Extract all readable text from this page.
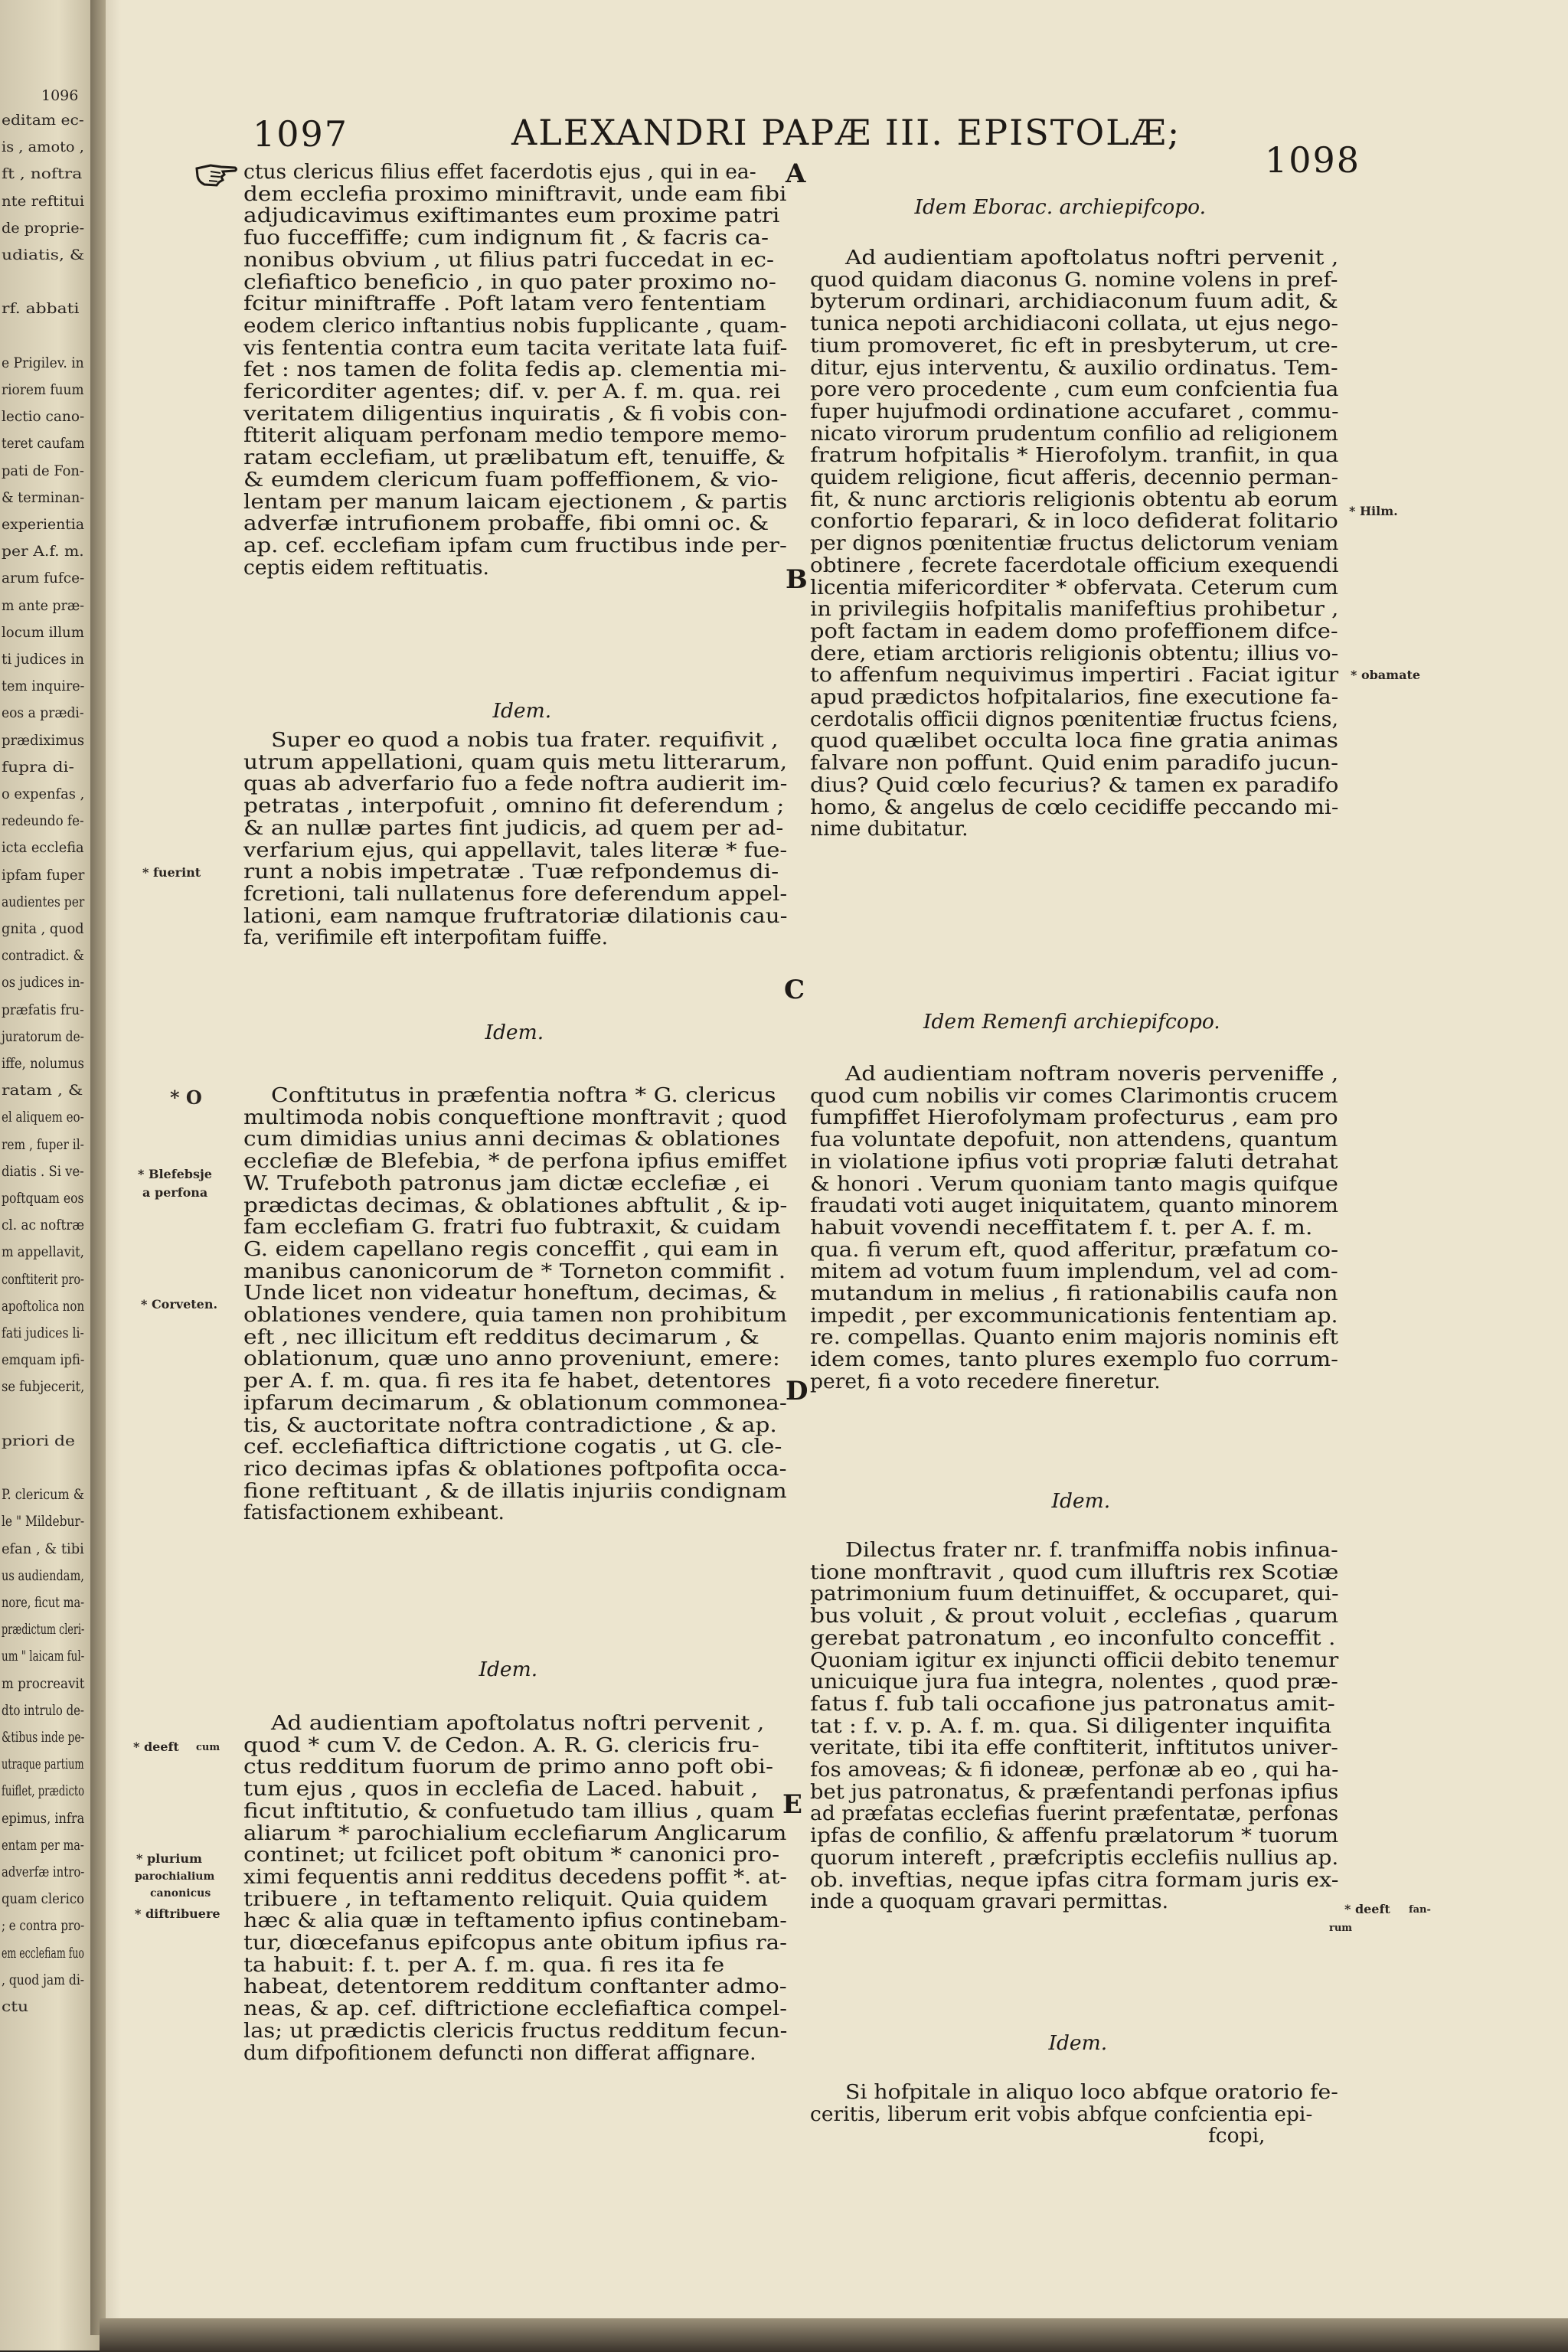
1097	ALEXANDRI PAPÆ III. EPISTOLÆ;
1098
1096
editam ec-
is , amoto ,
ft , noftra
nte reftitui
de proprie-
udiatis, &
rf. abbati
e Prigilev. in
riorem fuum
lectio cano-
teret caufam
pati de Fon-
& terminan-
experientia
per A.f. m.
arum fufce-
m ante præ-
locum illum
ti judices in
tem inquire-
eos a prædi-
prædiximus
fupra di-
o expenfas ,
redeundo fe-
icta ecclefia
ipfam fuper
audientes per
gnita , quod
contradict. &
os judices in-
præfatis fru-
juratorum de-
iffe, nolumus
ratam , &
el aliquem eo-
rem , fuper il-
diatis . Si ve-
poftquam eos
cl. ac noftræ
m appellavit,
conftiterit pro-
apoftolica non
fati judices li-
emquam ipfi-
se fubjecerit,
priori de
P. clericum &
le " Mildebur-
efan , & tibi
us audiendam,
nore, ficut ma-
prædictum cleri-
um " laicam ful-
m procreavit
dto intrulo de-
&tibus inde pe-
utraque partium
fuiflet, prædicto
epimus, infra
entam per ma-
adverfæ intro-
quam clerico
; e contra pro-
em ecclefiam fuo
, quod jam di-
ctu
ctus clericus filius effet facerdotis ejus , qui in ea-
dem ecclefia proximo miniftravit, unde eam fibi
adjudicavimus exiftimantes eum proxime patri
fuo fucceffiffe; cum indignum fit , & facris ca-
nonibus obvium , ut filius patri fuccedat in ec-
clefiaftico beneficio , in quo pater proximo no-
fcitur miniftraffe . Poft latam vero fententiam
eodem clerico inftantius nobis fupplicante , quam-
vis fententia contra eum tacita veritate lata fuif-
fet : nos tamen de folita fedis ap. clementia mi-
fericorditer agentes; dif. v. per A. f. m. qua. rei
veritatem diligentius inquiratis , & fi vobis con-
ftiterit aliquam perfonam medio tempore memo-
ratam ecclefiam, ut prælibatum eft, tenuiffe, &
& eumdem clericum fuam poffeffionem, & vio-
lentam per manum laicam ejectionem , & partis
adverfæ intrufionem probaffe, fibi omni oc. &
ap. cef. ecclefiam ipfam cum fructibus inde per-
ceptis eidem reftituatis.
Idem.
Super eo quod a nobis tua frater. requifivit ,
utrum appellationi, quam quis metu litterarum,
quas ab adverfario fuo a fede noftra audierit im-
petratas , interpofuit , omnino fit deferendum ;
& an nullæ partes fint judicis, ad quem per ad-
verfarium ejus, qui appellavit, tales literæ * fue-
runt a nobis impetratæ . Tuæ refpondemus di-
fcretioni, tali nullatenus fore deferendum appel-
lationi, eam namque fruftratoriæ dilationis cau-
fa, verifimile eft interpofitam fuiffe.
Idem.
Conftitutus in præfentia noftra * G. clericus
multimoda nobis conqueftione monftravit ; quod
cum dimidias unius anni decimas & oblationes
ecclefiæ de Blefebia, * de perfona ipfius emiffet
W. Trufeboth patronus jam dictæ ecclefiæ , ei
prædictas decimas, & oblationes abftulit , & ip-
fam ecclefiam G. fratri fuo fubtraxit, & cuidam
G. eidem capellano regis conceffit , qui eam in
manibus canonicorum de * Torneton commifit .
Unde licet non videatur honeftum, decimas, &
oblationes vendere, quia tamen non prohibitum
eft , nec illicitum eft redditus decimarum , &
oblationum, quæ uno anno proveniunt, emere:
per A. f. m. qua. fi res ita fe habet, detentores
ipfarum decimarum , & oblationum commonea-
tis, & auctoritate noftra contradictione , & ap.
cef. ecclefiaftica diftrictione cogatis , ut G. cle-
rico decimas ipfas & oblationes poftpofita occa-
fione reftituant , & de illatis injuriis condignam
fatisfactionem exhibeant.
Idem.
Ad audientiam apoftolatus noftri pervenit ,
quod * cum V. de Cedon. A. R. G. clericis fru-
ctus redditum fuorum de primo anno poft obi-
tum ejus , quos in ecclefia de Laced. habuit ,
ficut inftitutio, & confuetudo tam illius , quam
aliarum * parochialium ecclefiarum Anglicarum
continet; ut fcilicet poft obitum * canonici pro-
ximi fequentis anni redditus decedens poffit *. at-
tribuere , in teftamento reliquit. Quia quidem
hæc & alia quæ in teftamento ipfius continebam-
tur, diœcefanus epifcopus ante obitum ipfius ra-
ta habuit: f. t. per A. f. m. qua. fi res ita fe
habeat, detentorem redditum conftanter admo-
neas, & ap. cef. diftrictione ecclefiaftica compel-
las; ut prædictis clericis fructus redditum fecun-
dum difpofitionem defuncti non differat affignare.
Idem Eborac. archiepifcopo.
Ad audientiam apoftolatus noftri pervenit ,
quod quidam diaconus G. nomine volens in pref-
byterum ordinari, archidiaconum fuum adit, &
tunica nepoti archidiaconi collata, ut ejus nego-
tium promoveret, fic eft in presbyterum, ut cre-
ditur, ejus interventu, & auxilio ordinatus. Tem-
pore vero procedente , cum eum confcientia fua
fuper hujufmodi ordinatione accufaret , commu-
nicato virorum prudentum confilio ad religionem
fratrum hofpitalis * Hierofolym. tranfiit, in qua
quidem religione, ficut afferis, decennio perman-
fit, & nunc arctioris religionis obtentu ab eorum
confortio feparari, & in loco defiderat folitario
per dignos pœnitentiæ fructus delictorum veniam
obtinere , fecrete facerdotale officium exequendi
licentia mifericorditer * obfervata. Ceterum cum
in privilegiis hofpitalis manifeftius prohibetur ,
poft factam in eadem domo profeffionem difce-
dere, etiam arctioris religionis obtentu; illius vo-
to affenfum nequivimus impertiri . Faciat igitur
apud prædictos hofpitalarios, fine executione fa-
cerdotalis officii dignos pœnitentiæ fructus fciens,
quod quælibet occulta loca fine gratia animas
falvare non poffunt. Quid enim paradifo jucun-
dius? Quid cœlo fecurius? & tamen ex paradifo
homo, & angelus de cœlo cecidiffe peccando mi-
nime dubitatur.
Idem Remenfi archiepifcopo.
Ad audientiam noftram noveris perveniffe ,
quod cum nobilis vir comes Clarimontis crucem
fumpfiffet Hierofolymam profecturus , eam pro
fua voluntate depofuit, non attendens, quantum
in violatione ipfius voti propriæ faluti detrahat
& honori . Verum quoniam tanto magis quifque
fraudati voti auget iniquitatem, quanto minorem
habuit vovendi neceffitatem f. t. per A. f. m.
qua. fi verum eft, quod afferitur, præfatum co-
mitem ad votum fuum implendum, vel ad com-
mutandum in melius , fi rationabilis caufa non
impedit , per excommunicationis fententiam ap.
re. compellas. Quanto enim majoris nominis eft
idem comes, tanto plures exemplo fuo corrum-
peret, fi a voto recedere fineretur.
Idem.
Dilectus frater nr. f. tranfmiffa nobis infinua-
tione monftravit , quod cum illuftris rex Scotiæ
patrimonium fuum detinuiffet, & occuparet, qui-
bus voluit , & prout voluit , ecclefias , quarum
gerebat patronatum , eo inconfulto conceffit .
Quoniam igitur ex injuncti officii debito tenemur
unicuique jura fua integra, nolentes , quod præ-
fatus f. fub tali occafione jus patronatus amit-
tat : f. v. p. A. f. m. qua. Si diligenter inquifita
veritate, tibi ita effe conftiterit, inftitutos univer-
fos amoveas; & fi idoneæ, perfonæ ab eo , qui ha-
bet jus patronatus, & præfentandi perfonas ipfius
ad præfatas ecclefias fuerint præfentatæ, perfonas
ipfas de confilio, & affenfu prælatorum * tuorum
quorum intereft , præfcriptis ecclefiis nullius ap.
ob. inveftias, neque ipfas citra formam juris ex-
inde a quoquam gravari permittas.
Idem.
Si hofpitale in aliquo loco abfque oratorio fe-
ceritis, liberum erit vobis abfque confcientia epi-
fcopi,
A
B
C
D
E
* fuerint
* O
* Blefebsje
a perfona
* Corveten.
* deeft cum
* plurium
parochialium
canonicus
* diftribuere
* Hilm.
* obamate
* deeft fan-
rum
